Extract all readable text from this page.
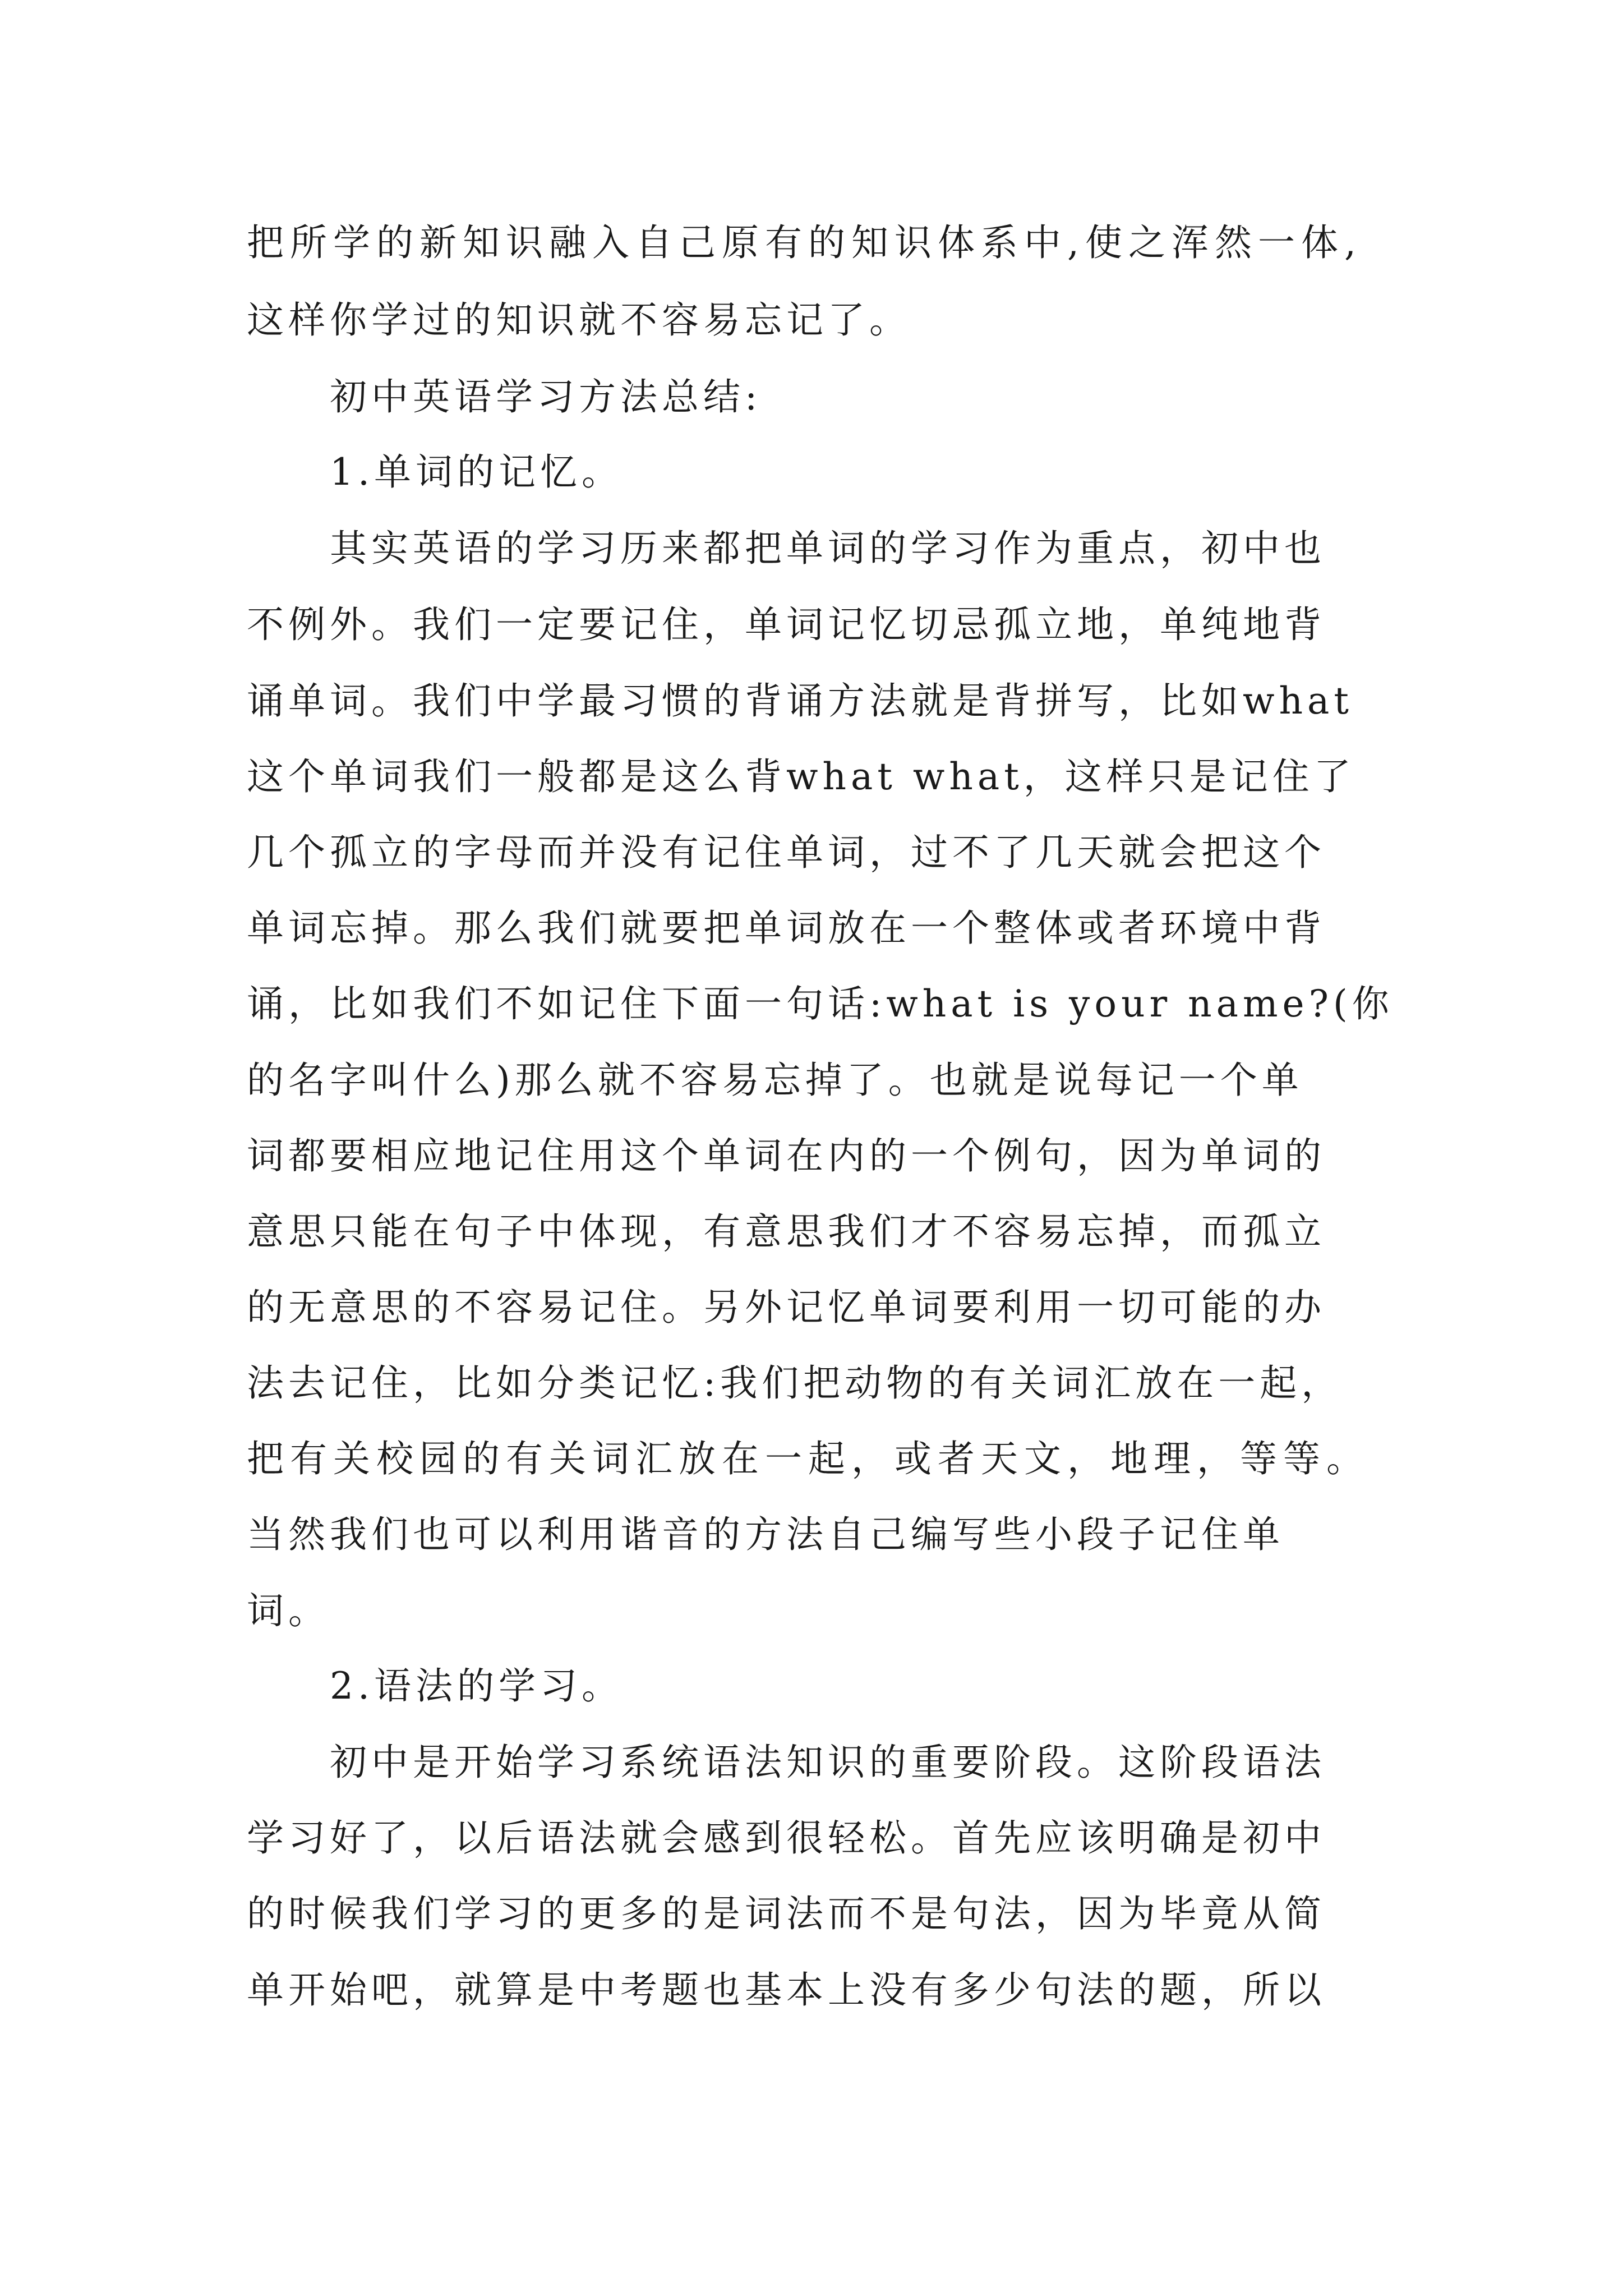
把所学的新知识融入自己原有的知识体系中,使之浑然一体,

这样你学过的知识就不容易忘记了。

初中英语学习方法总结:

1.单词的记忆。

其实英语的学习历来都把单词的学习作为重点，初中也

不例外。我们一定要记住，单词记忆切忌孤立地，单纯地背

诵单词。我们中学最习惯的背诵方法就是背拼写，比如what

这个单词我们一般都是这么背what what，这样只是记住了

几个孤立的字母而并没有记住单词，过不了几天就会把这个

单词忘掉。那么我们就要把单词放在一个整体或者环境中背

诵，比如我们不如记住下面一句话:what is your name?(你

的名字叫什么)那么就不容易忘掉了。也就是说每记一个单

词都要相应地记住用这个单词在内的一个例句，因为单词的

意思只能在句子中体现，有意思我们才不容易忘掉，而孤立

的无意思的不容易记住。另外记忆单词要利用一切可能的办

法去记住，比如分类记忆:我们把动物的有关词汇放在一起，

把有关校园的有关词汇放在一起，或者天文，地理，等等。

当然我们也可以利用谐音的方法自己编写些小段子记住单

词。

2.语法的学习。

初中是开始学习系统语法知识的重要阶段。这阶段语法

学习好了，以后语法就会感到很轻松。首先应该明确是初中

的时候我们学习的更多的是词法而不是句法，因为毕竟从简

单开始吧，就算是中考题也基本上没有多少句法的题，所以
